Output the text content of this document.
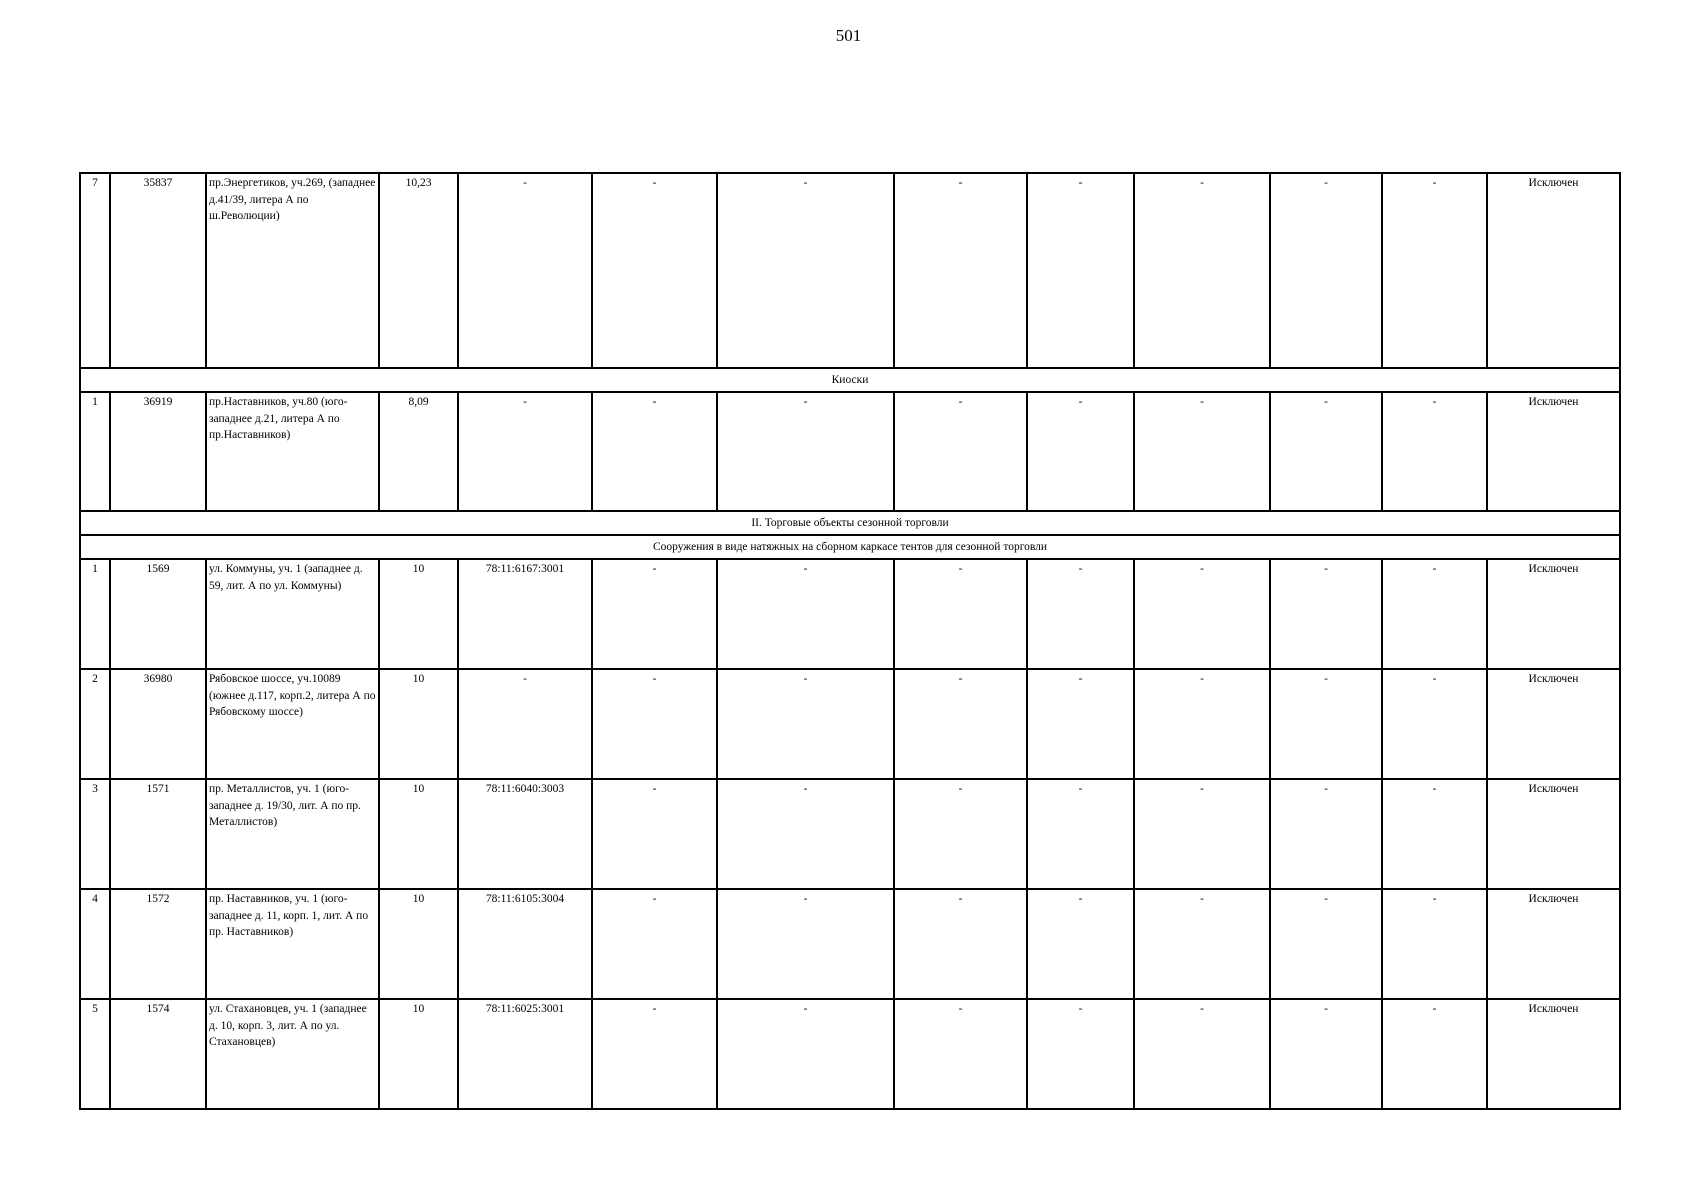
501
7	35837	пр.Энергетиков, уч.269, (западнее д.41/39, литера А по ш.Революции)	10,23	-	-	-	-	-	-	-	-	Исключен
Киоски												
1	36919	пр.Наставников, уч.80 (юго-западнее д.21, литера А по пр.Наставников)	8,09	-	-	-	-	-	-	-	-	Исключен
II. Торговые объекты сезонной торговли												
Сооружения в виде натяжных на сборном каркасе тентов для сезонной торговли												
1	1569	ул. Коммуны, уч. 1 (западнее д. 59, лит. А по ул. Коммуны)	10	78:11:6167:3001	-	-	-	-	-	-	-	Исключен
2	36980	Рябовское шоссе, уч.10089 (южнее д.117, корп.2, литера А по Рябовскому шоссе)	10	-	-	-	-	-	-	-	-	Исключен
3	1571	пр. Металлистов, уч. 1 (юго-западнее д. 19/30, лит. А по пр. Металлистов)	10	78:11:6040:3003	-	-	-	-	-	-	-	Исключен
4	1572	пр. Наставников, уч. 1 (юго-западнее д. 11, корп. 1, лит. А по пр. Наставников)	10	78:11:6105:3004	-	-	-	-	-	-	-	Исключен
5	1574	ул. Стахановцев, уч. 1 (западнее д. 10, корп. 3, лит. А по ул. Стахановцев)	10	78:11:6025:3001	-	-	-	-	-	-	-	Исключен
